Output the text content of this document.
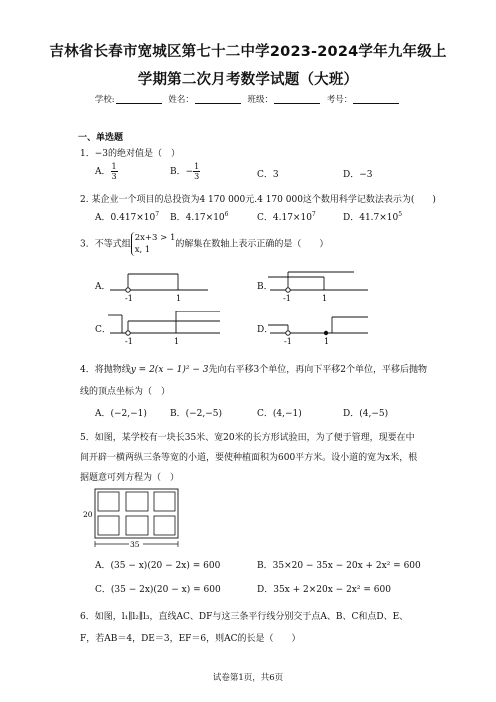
吉林省长春市宽城区第七十二中学2023-2024学年九年级上
学期第二次月考数学试题（大班）
学校:	姓名：	班级：	考号：
一、单选题
1．−3的绝对值是（　）
A． $\frac{1}{3}$	B．− $\frac{1}{3}$	C．3	D．−3
2. 某企业一个项目的总投资为4 170 000元.4 170 000这个数用科学记数法表示为(　　)
A．$0.417\times 10^7$ B．$4.17\times 10^6$	C．$4.17\times 10^7$	D．$41.7\times 10^5$
3．不等式组
2x+3 > 1
x, 1
的解集在数轴上表示正确的是（　　）
A．
-1	1
B．
-1	1
C．
-1	1
D．
-1	1
4．将抛物线y = 2(x − 1)² − 3先向右平移3个单位，再向下平移2个单位，平移后抛物
线的顶点坐标为（　）
A．(−2,−1)	B．(−2,−5)	C．(4,−1)	D．(4,−5)
5．如图，某学校有一块长35米、宽20米的长方形试验田，为了便于管理，现要在中
间开辟一横两纵三条等宽的小道，要使种植面积为600平方米。设小道的宽为x米，根
据题意可列方程为（　）
20
35
A．(35 − x)(20 − 2x) = 600	B．35×20 − 35x − 20x + 2x² = 600
C．(35 − 2x)(20 − x) = 600	D．35x + 2×20x − 2x² = 600
6．如图，l₁∥l₂∥l₃，直线AC、DF与这三条平行线分别交于点A、B、C和点D、E、
F，若AB＝4，DE＝3，EF＝6，则AC的长是（　　）
试卷第1页，共6页
